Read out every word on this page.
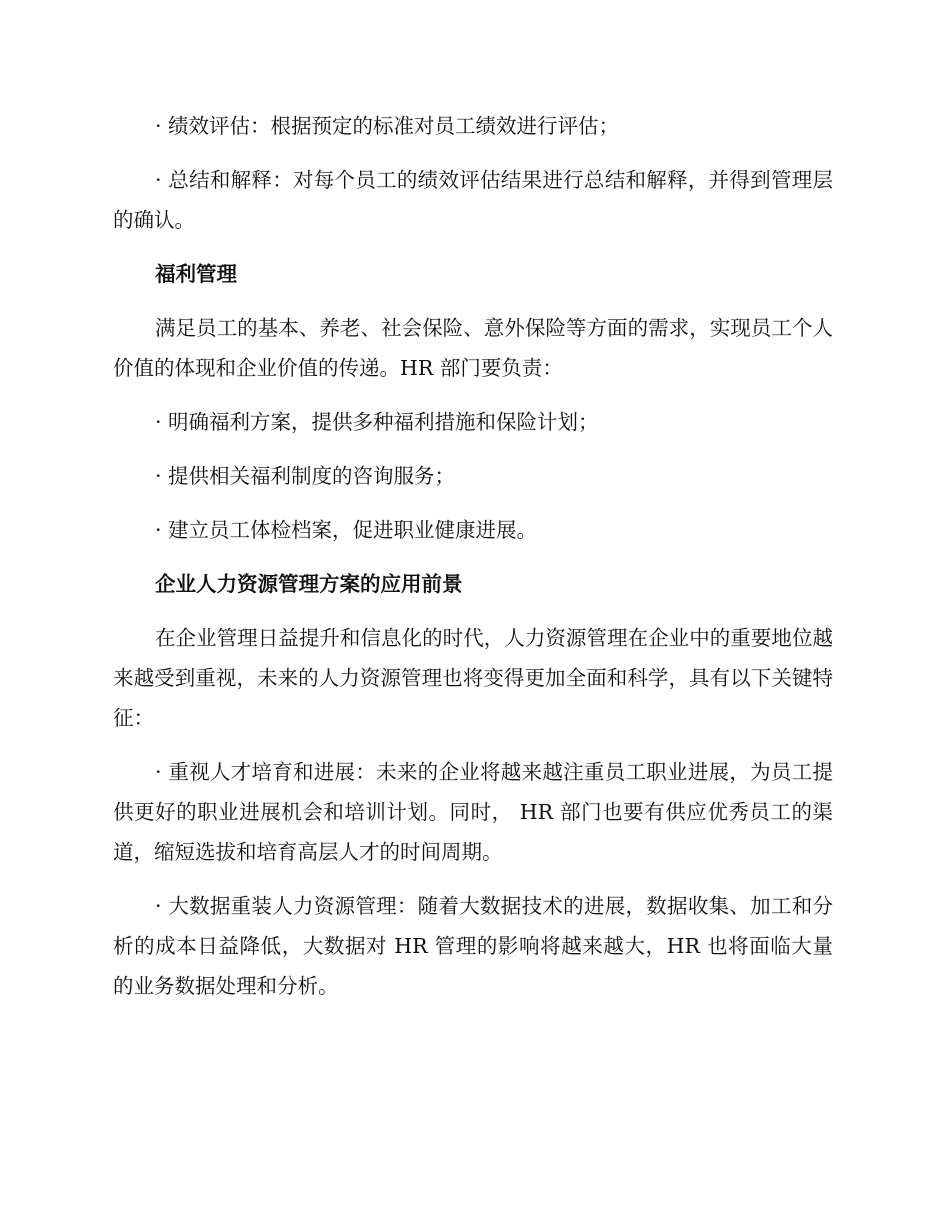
· 绩效评估：根据预定的标准对员工绩效进行评估；

· 总结和解释：对每个员工的绩效评估结果进行总结和解释，并得到管理层的确认。

福利管理

满足员工的基本、养老、社会保险、意外保险等方面的需求，实现员工个人价值的体现和企业价值的传递。HR 部门要负责：

· 明确福利方案，提供多种福利措施和保险计划；

· 提供相关福利制度的咨询服务；

· 建立员工体检档案，促进职业健康进展。

企业人力资源管理方案的应用前景

在企业管理日益提升和信息化的时代，人力资源管理在企业中的重要地位越来越受到重视，未来的人力资源管理也将变得更加全面和科学，具有以下关键特征：

· 重视人才培育和进展：未来的企业将越来越注重员工职业进展，为员工提供更好的职业进展机会和培训计划。同时， HR 部门也要有供应优秀员工的渠道，缩短选拔和培育高层人才的时间周期。

· 大数据重装人力资源管理：随着大数据技术的进展，数据收集、加工和分析的成本日益降低，大数据对 HR 管理的影响将越来越大，HR 也将面临大量的业务数据处理和分析。
